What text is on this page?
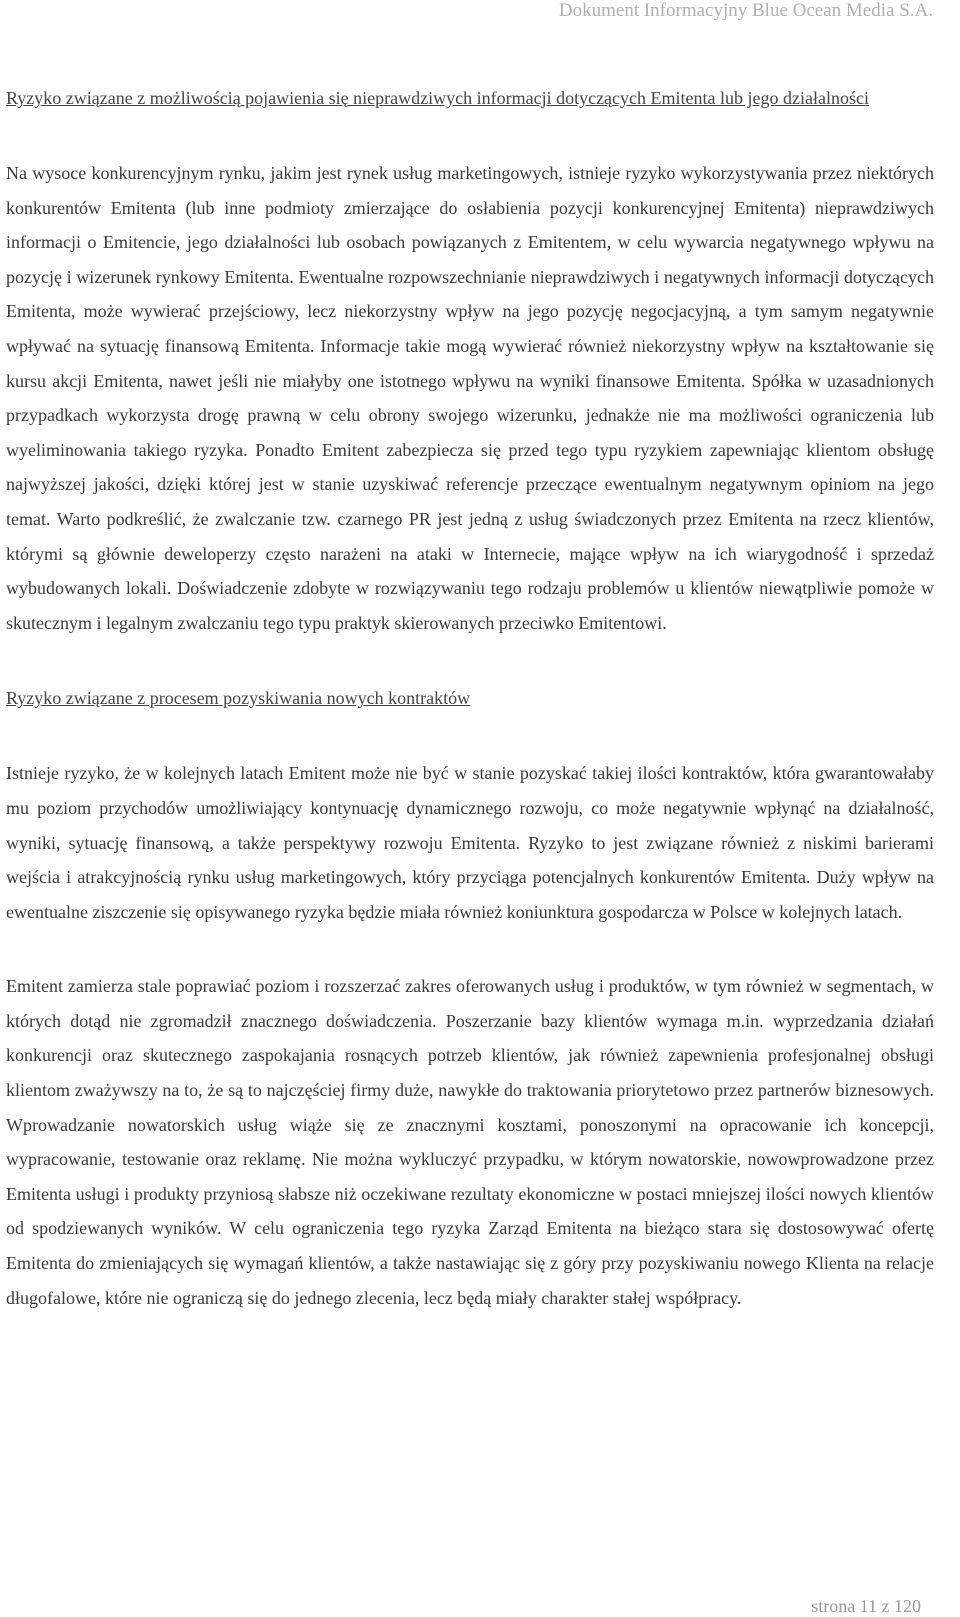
Dokument Informacyjny Blue Ocean Media S.A.
Ryzyko związane z możliwością pojawienia się nieprawdziwych informacji dotyczących Emitenta lub jego działalności

Na wysoce konkurencyjnym rynku, jakim jest rynek usług marketingowych, istnieje ryzyko wykorzystywania przez niektórych konkurentów Emitenta (lub inne podmioty zmierzające do osłabienia pozycji konkurencyjnej Emitenta) nieprawdziwych informacji o Emitencie, jego działalności lub osobach powiązanych z Emitentem, w celu wywarcia negatywnego wpływu na pozycję i wizerunek rynkowy Emitenta. Ewentualne rozpowszechnianie nieprawdziwych i negatywnych informacji dotyczących Emitenta, może wywierać przejściowy, lecz niekorzystny wpływ na jego pozycję negocjacyjną, a tym samym negatywnie wpływać na sytuację finansową Emitenta. Informacje takie mogą wywierać również niekorzystny wpływ na kształtowanie się kursu akcji Emitenta, nawet jeśli nie miałyby one istotnego wpływu na wyniki finansowe Emitenta. Spółka w uzasadnionych przypadkach wykorzysta drogę prawną w celu obrony swojego wizerunku, jednakże nie ma możliwości ograniczenia lub wyeliminowania takiego ryzyka. Ponadto Emitent zabezpiecza się przed tego typu ryzykiem zapewniając klientom obsługę najwyższej jakości, dzięki której jest w stanie uzyskiwać referencje przeczące ewentualnym negatywnym opiniom na jego temat. Warto podkreślić, że zwalczanie tzw. czarnego PR jest jedną z usług świadczonych przez Emitenta na rzecz klientów, którymi są głównie deweloperzy często narażeni na ataki w Internecie, mające wpływ na ich wiarygodność i sprzedaż wybudowanych lokali. Doświadczenie zdobyte w rozwiązywaniu tego rodzaju problemów u klientów niewątpliwie pomoże w skutecznym i legalnym zwalczaniu tego typu praktyk skierowanych przeciwko Emitentowi.

Ryzyko związane z procesem pozyskiwania nowych kontraktów

Istnieje ryzyko, że w kolejnych latach Emitent może nie być w stanie pozyskać takiej ilości kontraktów, która gwarantowałaby mu poziom przychodów umożliwiający kontynuację dynamicznego rozwoju, co może negatywnie wpłynąć na działalność, wyniki, sytuację finansową, a także perspektywy rozwoju Emitenta. Ryzyko to jest związane również z niskimi barierami wejścia i atrakcyjnością rynku usług marketingowych, który przyciąga potencjalnych konkurentów Emitenta. Duży wpływ na ewentualne ziszczenie się opisywanego ryzyka będzie miała również koniunktura gospodarcza w Polsce w kolejnych latach.

Emitent zamierza stale poprawiać poziom i rozszerzać zakres oferowanych usług i produktów, w tym również w segmentach, w których dotąd nie zgromadził znacznego doświadczenia. Poszerzanie bazy klientów wymaga m.in. wyprzedzania działań konkurencji oraz skutecznego zaspokajania rosnących potrzeb klientów, jak również zapewnienia profesjonalnej obsługi klientom zważywszy na to, że są to najczęściej firmy duże, nawykłe do traktowania priorytetowo przez partnerów biznesowych. Wprowadzanie nowatorskich usług wiąże się ze znacznymi kosztami, ponoszonymi na opracowanie ich koncepcji, wypracowanie, testowanie oraz reklamę. Nie można wykluczyć przypadku, w którym nowatorskie, nowowprowadzone przez Emitenta usługi i produkty przyniosą słabsze niż oczekiwane rezultaty ekonomiczne w postaci mniejszej ilości nowych klientów od spodziewanych wyników. W celu ograniczenia tego ryzyka Zarząd Emitenta na bieżąco stara się dostosowywać ofertę Emitenta do zmieniających się wymagań klientów, a także nastawiając się z góry przy pozyskiwaniu nowego Klienta na relacje długofalowe, które nie ograniczą się do jednego zlecenia, lecz będą miały charakter stałej współpracy.

strona 11 z 120
